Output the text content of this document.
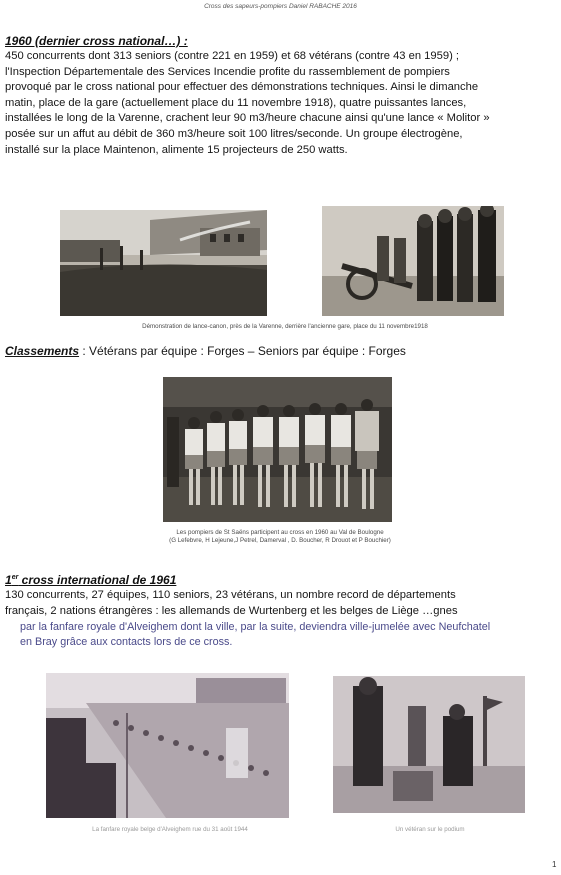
Cross des sapeurs-pompiers Daniel RABACHE 2016
1960 (dernier cross national…) :
450 concurrents dont 313 seniors (contre 221 en 1959) et 68 vétérans (contre 43 en 1959) ;
l'Inspection Départementale des Services Incendie profite du rassemblement de pompiers
provoqué par le cross national pour effectuer des démonstrations techniques. Ainsi le dimanche
matin, place de la gare (actuellement place du 11 novembre 1918), quatre puissantes lances,
installées le long de la Varenne, crachent leur 90 m3/heure chacune ainsi qu'une lance « Molitor »
posée sur un affut au débit de 360 m3/heure soit 100 litres/seconde. Un groupe électrogène,
installé sur la place Maintenon, alimente 15 projecteurs de 250 watts.
Démonstration de lance-canon, près de la Varenne, derrière l'ancienne gare, place du 11 novembre1918
Classements : Vétérans par équipe : Forges – Seniors par équipe : Forges
Les pompiers de St Saëns participent au cross en 1960 au Val de Boulogne
(G Lefebvre, H Lejeune,J Petrel, Damerval , D. Boucher, R Drouot et P Bouchier)
1er cross international de 1961
130 concurrents, 27 équipes, 110 seniors, 23 vétérans, un nombre record de départements
français, 2 nations étrangères : les allemands de Wurtenberg et les belges de Liège …gnes
par la fanfare royale d'Alveighem dont la ville, par la suite, deviendra ville-jumelée avec Neufchatel
en Bray grâce aux contacts lors de ce cross.
La fanfare royale belge d'Alveighem rue du 31 août 1944	Un vétéran sur le podium
1
